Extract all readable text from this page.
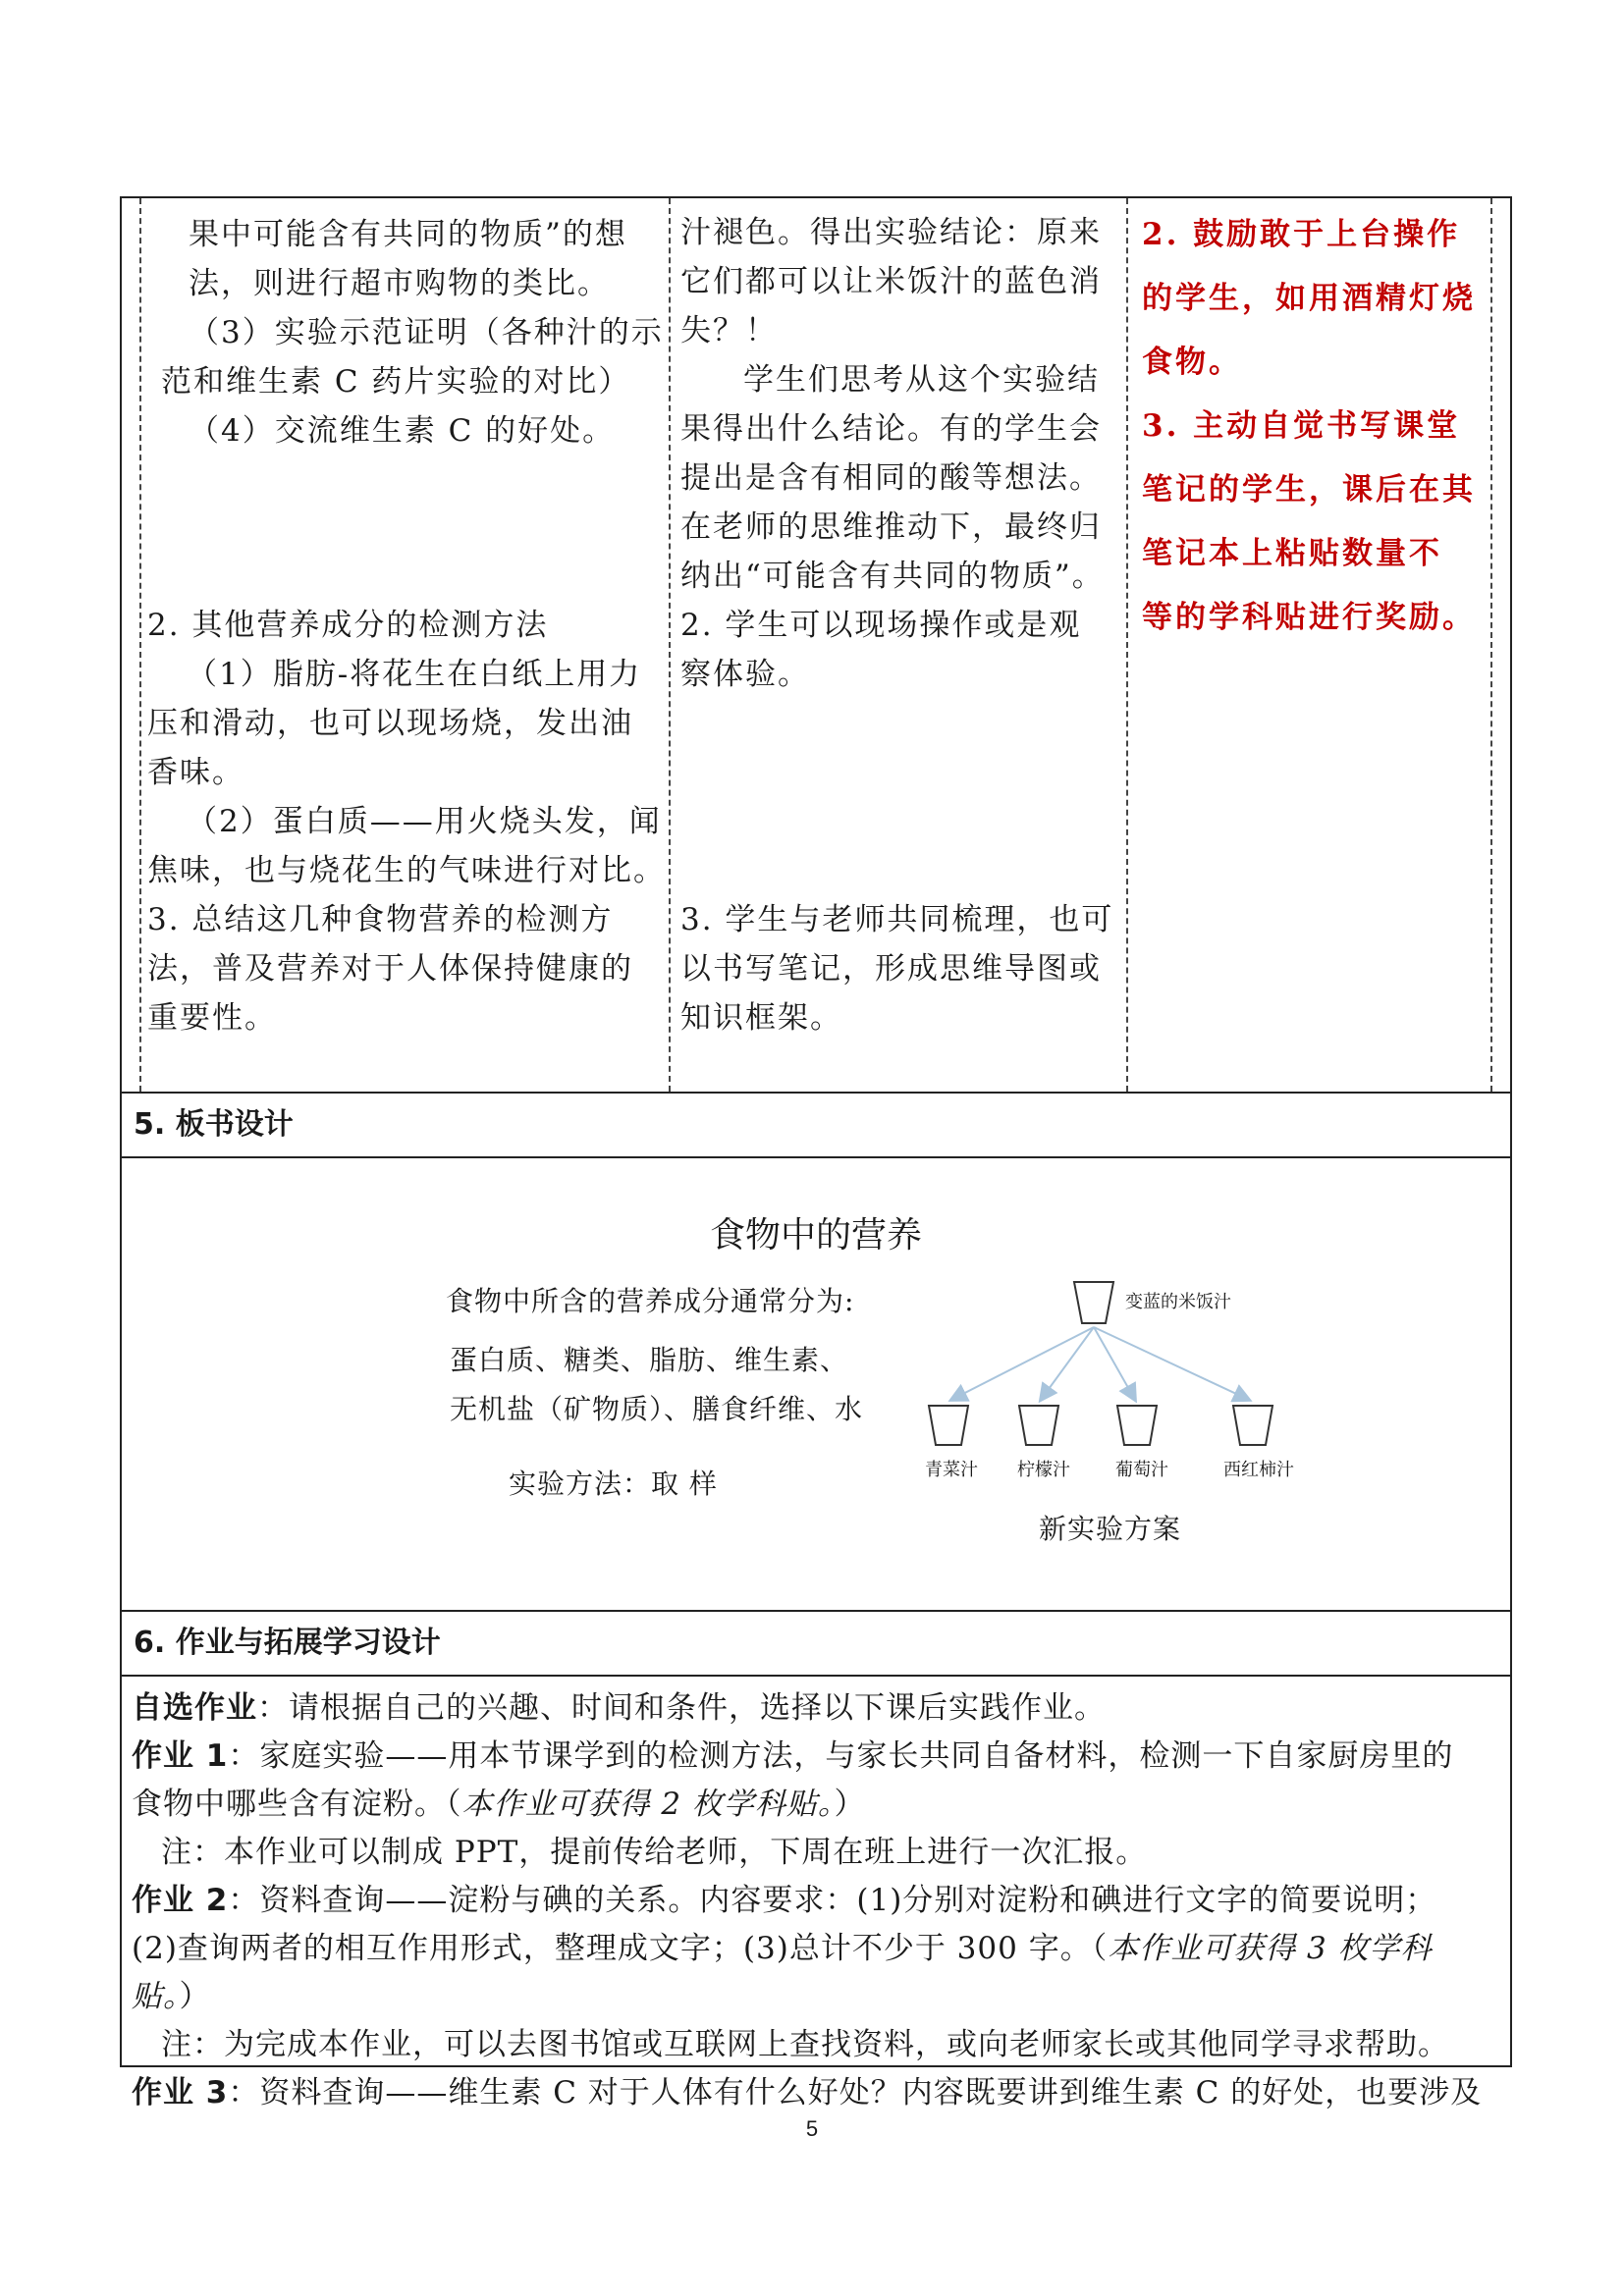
果中可能含有共同的物质”的想
法，则进行超市购物的类比。
（3）实验示范证明（各种汁的示
范和维生素 C 药片实验的对比）
（4）交流维生素 C 的好处。
2. 其他营养成分的检测方法
（1）脂肪-将花生在白纸上用力
压和滑动，也可以现场烧，发出油
香味。
（2）蛋白质——用火烧头发，闻
焦味，也与烧花生的气味进行对比。
3. 总结这几种食物营养的检测方
法，普及营养对于人体保持健康的
重要性。
汁褪色。得出实验结论：原来
它们都可以让米饭汁的蓝色消
失？！
学生们思考从这个实验结
果得出什么结论。有的学生会
提出是含有相同的酸等想法。
在老师的思维推动下，最终归
纳出“可能含有共同的物质”。
2. 学生可以现场操作或是观
察体验。
3. 学生与老师共同梳理，也可
以书写笔记，形成思维导图或
知识框架。
2. 鼓励敢于上台操作
的学生，如用酒精灯烧
食物。
3. 主动自觉书写课堂
笔记的学生，课后在其
笔记本上粘贴数量不
等的学科贴进行奖励。
5. 板书设计
食物中的营养
食物中所含的营养成分通常分为:
蛋白质、糖类、脂肪、维生素、
无机盐（矿物质）、膳食纤维、水
实验方法：取 样
变蓝的米饭汁
青菜汁 柠檬汁	葡萄汁	西红柿汁
新实验方案
6. 作业与拓展学习设计

自选作业：请根据自己的兴趣、时间和条件，选择以下课后实践作业。

作业 1：家庭实验——用本节课学到的检测方法，与家长共同自备材料，检测一下自家厨房里的

食物中哪些含有淀粉。（本作业可获得 2 枚学科贴。）

注：本作业可以制成 PPT，提前传给老师，下周在班上进行一次汇报。

作业 2：资料查询——淀粉与碘的关系。内容要求：(1)分别对淀粉和碘进行文字的简要说明；

(2)查询两者的相互作用形式，整理成文字；(3)总计不少于 300 字。（本作业可获得 3 枚学科贴。）

注：为完成本作业，可以去图书馆或互联网上查找资料，或向老师家长或其他同学寻求帮助。

作业 3：资料查询——维生素 C 对于人体有什么好处？内容既要讲到维生素 C 的好处，也要涉及

5
